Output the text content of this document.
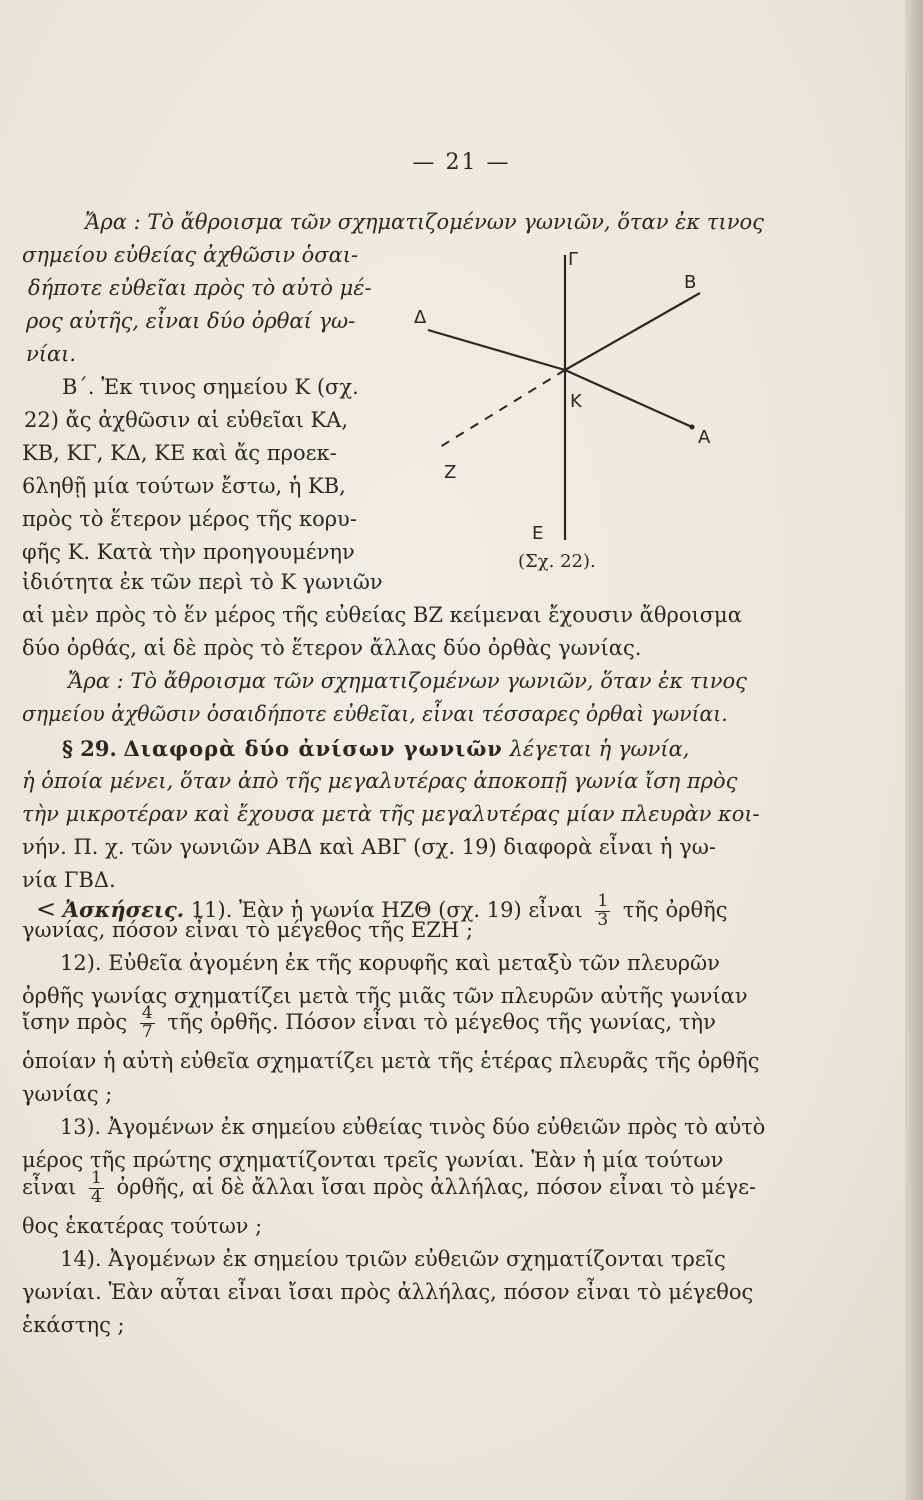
— 21 —
Ἄρα : Τὸ ἄθροισμα τῶν σχηματιζομένων γωνιῶν, ὅταν ἐκ τινος
σημείου εὐθείας ἀχθῶσιν ὁσαι-
δήποτε εὐθεῖαι πρὸς τὸ αὐτὸ μέ-
ρος αὐτῆς, εἶναι δύο ὀρθαί γω-
νίαι.
Β΄. Ἐκ τινος σημείου Κ (σχ.
22) ἄς ἀχθῶσιν αἱ εὐθεῖαι ΚΑ,
ΚΒ, ΚΓ, ΚΔ, ΚΕ καὶ ἄς προεκ-
6ληθῇ μία τούτων ἔστω, ἡ ΚΒ,
πρὸς τὸ ἕτερον μέρος τῆς κορυ-
φῆς Κ. Κατὰ τὴν προηγουμένην
ἰδιότητα ἐκ τῶν περὶ τὸ Κ γωνιῶν
αἱ μὲν πρὸς τὸ ἕν μέρος τῆς εὐθείας ΒΖ κείμεναι ἔχουσιν ἄθροισμα
δύο ὀρθάς, αἱ δὲ πρὸς τὸ ἕτερον ἄλλας δύο ὀρθὰς γωνίας.
Ἄρα : Τὸ ἄθροισμα τῶν σχηματιζομένων γωνιῶν, ὅταν ἐκ τινος
σημείου ἀχθῶσιν ὁσαιδήποτε εὐθεῖαι, εἶναι τέσσαρες ὀρθαὶ γωνίαι.
ἡ ὁποία μένει, ὅταν ἀπὸ τῆς μεγαλυτέρας ἀποκοπῇ γωνία ἴση πρὸς
τὴν μικροτέραν καὶ ἔχουσα μετὰ τῆς μεγαλυτέρας μίαν πλευρὰν κοι-
νήν. Π. χ. τῶν γωνιῶν ΑΒΔ καὶ ΑΒΓ (σχ. 19) διαφορὰ εἶναι ἡ γω-
νία ΓΒΔ.
γωνίας ;
13). Ἀγομένων ἐκ σημείου εὐθείας τινὸς δύο εὐθειῶν πρὸς τὸ αὐτὸ
μέρος τῆς πρώτης σχηματίζονται τρεῖς γωνίαι. Ἐὰν ἡ μία τούτων
θος ἑκατέρας τούτων ;
14). Ἀγομένων ἐκ σημείου τριῶν εὐθειῶν σχηματίζονται τρεῖς
γωνίαι. Ἐὰν αὗται εἶναι ἴσαι πρὸς ἀλλήλας, πόσον εἶναι τὸ μέγεθος
ἑκάστης ;
§ 29. Διαφορὰ δύο ἀνίσων γωνιῶν λέγεται ἡ γωνία,
< Ἀσκήσεις. 11). Ἐὰν ἡ γωνία ΗΖΘ (σχ. 19) εἶναι $\frac{1}{3}$ τῆς ὀρθῆς
γωνίας, πόσον εἶναι τὸ μέγεθος τῆς ΕΖΗ ;
12). Εὐθεῖα ἀγομένη ἐκ τῆς κορυφῆς καὶ μεταξὺ τῶν πλευρῶν
ὀρθῆς γωνίας σχηματίζει μετὰ τῆς μιᾶς τῶν πλευρῶν αὐτῆς γωνίαν
ἴσην πρὸς $\frac{4}{7}$ τῆς ὀρθῆς. Πόσον εἶναι τὸ μέγεθος τῆς γωνίας, τὴν
ὁποίαν ἡ αὐτὴ εὐθεῖα σχηματίζει μετὰ τῆς ἑτέρας πλευρᾶς τῆς ὀρθῆς
εἶναι $\frac{1}{4}$ ὀρθῆς, αἱ δὲ ἄλλαι ἴσαι πρὸς ἀλλήλας, πόσον εἶναι τὸ μέγε-
Γ
Β
Δ
Κ
Α
Ζ
Ε
(Σχ. 22).
